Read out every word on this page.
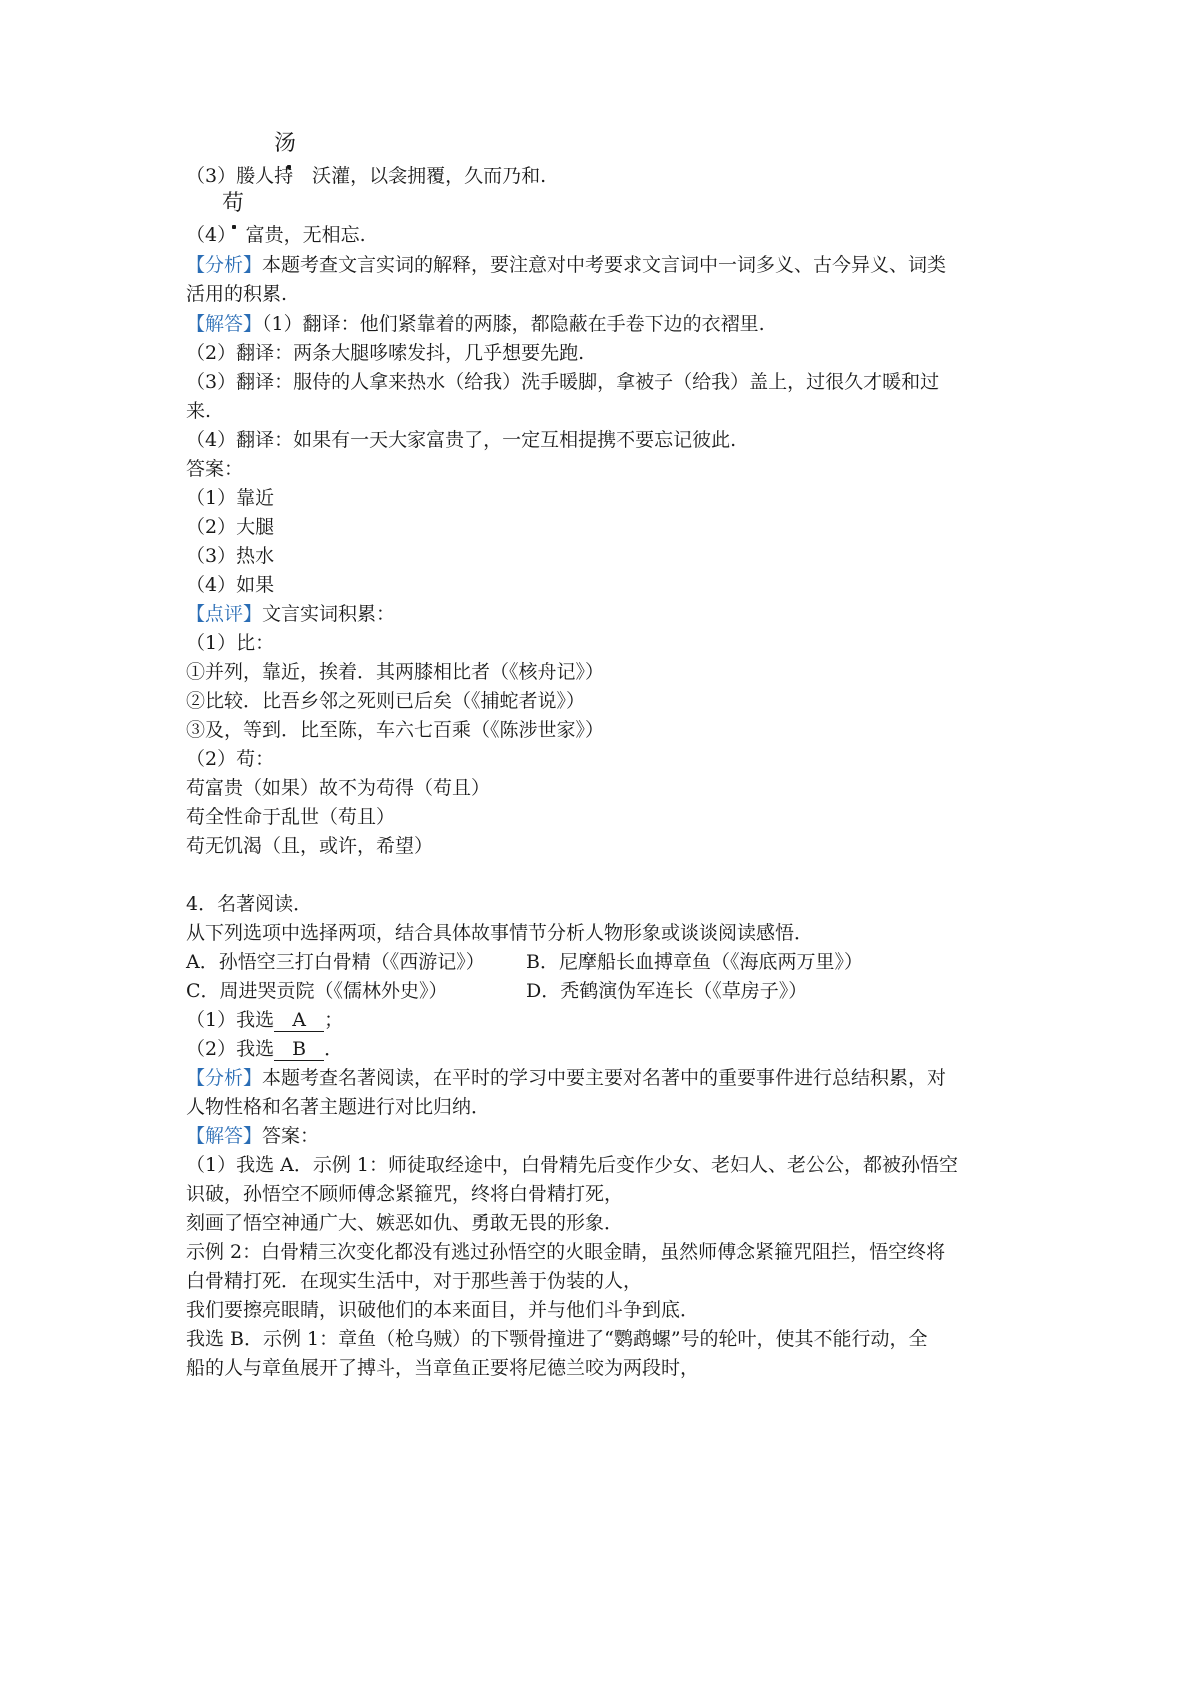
汤
（3）媵人持　沃灌，以衾拥覆，久而乃和.
苟
（4）　富贵，无相忘.
【分析】本题考查文言实词的解释，要注意对中考要求文言词中一词多义、古今异义、词类
活用的积累.
【解答】（1）翻译：他们紧靠着的两膝，都隐蔽在手卷下边的衣褶里.
（2）翻译：两条大腿哆嗦发抖，几乎想要先跑.
（3）翻译：服侍的人拿来热水（给我）洗手暖脚，拿被子（给我）盖上，过很久才暖和过
来.
（4）翻译：如果有一天大家富贵了，一定互相提携不要忘记彼此.
答案：
（1）靠近
（2）大腿
（3）热水
（4）如果
【点评】文言实词积累：
（1）比：
①并列，靠近，挨着．其两膝相比者（《核舟记》）
②比较．比吾乡邻之死则已后矣（《捕蛇者说》）
③及，等到．比至陈，车六七百乘（《陈涉世家》）
（2）苟：
苟富贵（如果）故不为苟得（苟且）
苟全性命于乱世（苟且）
苟无饥渴（且，或许，希望）
4．名著阅读．
从下列选项中选择两项，结合具体故事情节分析人物形象或谈谈阅读感悟．
A．孙悟空三打白骨精（《西游记》） B．尼摩船长血搏章鱼（《海底两万里》）
C．周进哭贡院（《儒林外史》）	D．秃鹤演伪军连长（《草房子》）
（1）我选 A ；
（2）我选 B ．
【分析】本题考查名著阅读，在平时的学习中要主要对名著中的重要事件进行总结积累，对
人物性格和名著主题进行对比归纳．
【解答】答案：
（1）我选 A．示例 1：师徒取经途中，白骨精先后变作少女、老妇人、老公公，都被孙悟空
识破，孙悟空不顾师傅念紧箍咒，终将白骨精打死，
刻画了悟空神通广大、嫉恶如仇、勇敢无畏的形象．
示例 2：白骨精三次变化都没有逃过孙悟空的火眼金睛，虽然师傅念紧箍咒阻拦，悟空终将
白骨精打死．在现实生活中，对于那些善于伪装的人，
我们要擦亮眼睛，识破他们的本来面目，并与他们斗争到底．
我选 B．示例 1：章鱼（枪乌贼）的下颚骨撞进了“鹦鹉螺”号的轮叶，使其不能行动，全
船的人与章鱼展开了搏斗，当章鱼正要将尼德兰咬为两段时，
